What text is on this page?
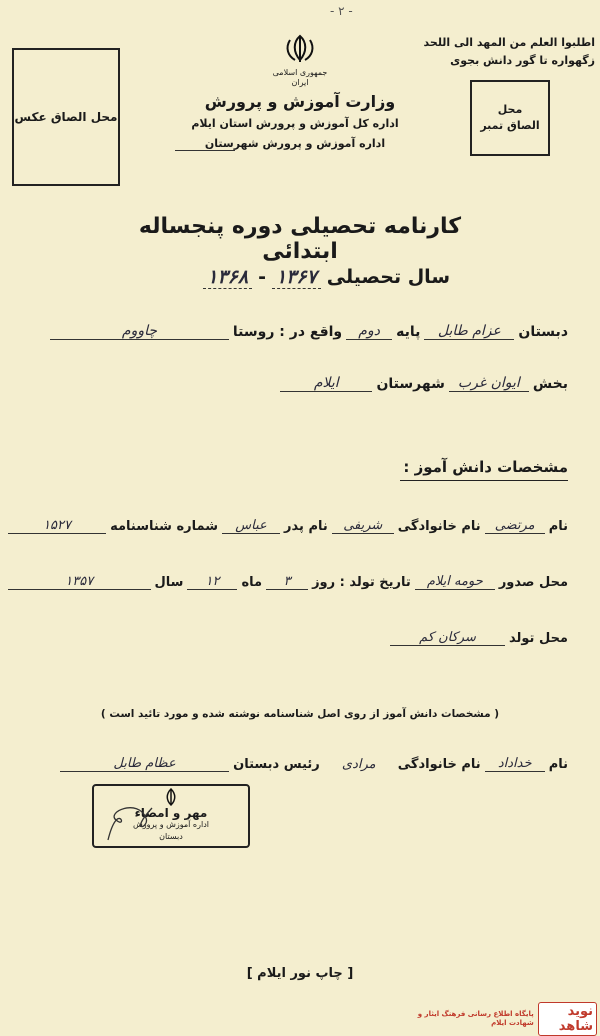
- ۲ -
محل الصاق عکس
جمهوری اسلامی ایران
وزارت آموزش و پرورش
اداره کل آموزش و پرورش استان ایلام
اداره آموزش و پرورش شهرستان
اطلبوا العلم من المهد الی اللحد
زگهواره تا گور دانش بجوی
محل
الصاق تمبر
کارنامه تحصیلی دوره پنجساله ابتدائی
سال تحصیلی
۱۳۶۷
-
۱۳۶۸
دبستان
عزام طابل
پایه
دوم
واقع در : روستا
چاووم
بخش
ایوان غرب
شهرستان
ایلام
مشخصات دانش آموز :
نام
مرتضی
نام خانوادگی
شریفی
نام پدر
عباس
شماره شناسنامه
۱۵۲۷
محل صدور
حومه ایلام
تاریخ تولد : روز
۳
ماه
۱۲
سال
۱۳۵۷
محل تولد
سرکان کم
( مشخصات دانش آموز از روی اصل شناسنامه نوشته شده و مورد تائید است )
نام
خداداد
نام خانوادگی
مرادی
رئیس دبستان
عظام طابل
مهر و امضاء
اداره آموزش و پرورش
دبستان
[ چاپ نور ایلام ]
نوید شاهد
پایگاه اطلاع رسانی فرهنگ ایثار و شهادت ایلام
